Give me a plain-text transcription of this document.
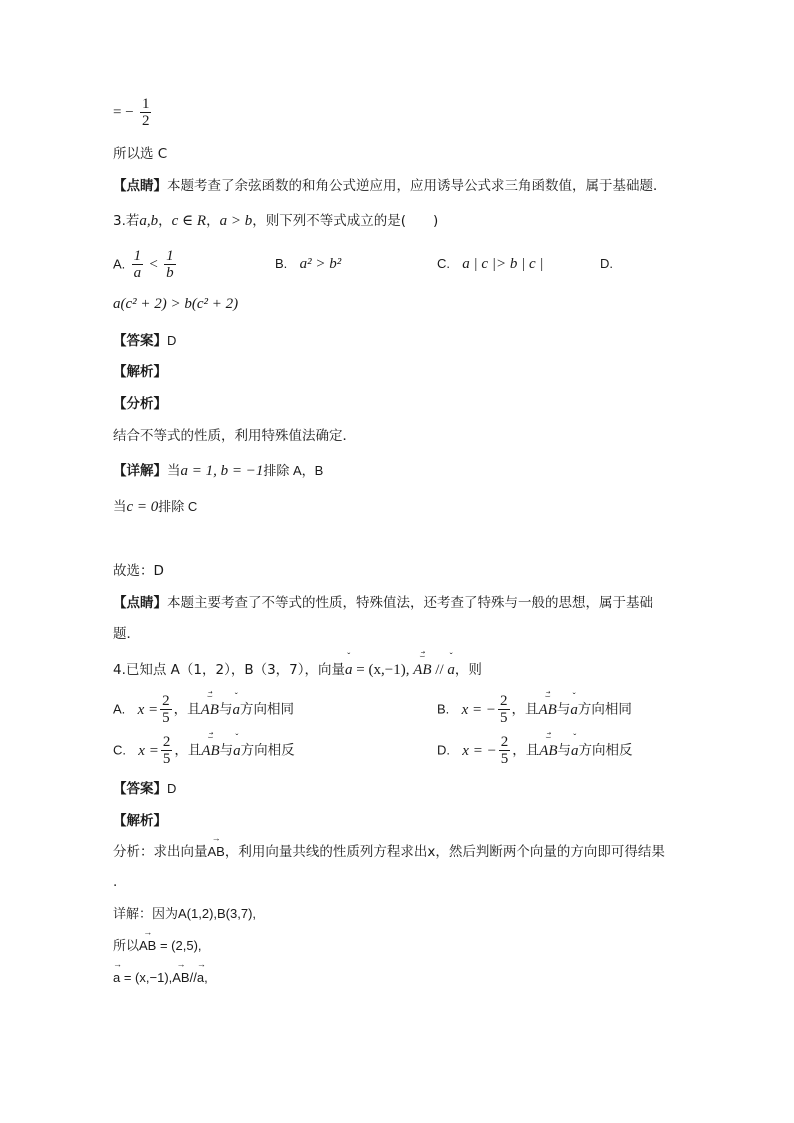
= − $\frac{1}{2}$
所以选 C
【点睛】本题考查了余弦函数的和角公式逆应用，应用诱导公式求三角函数值，属于基础题．
3.若a,b，c ∈ R，a > b，则下列不等式成立的是(　　)
A. $\frac{1}{a} < \frac{1}{b}$	B. a² > b²	C. a | c |> b | c |	D.
a(c² + 2) > b(c² + 2)
【答案】D
【解析】
【分析】
结合不等式的性质，利用特殊值法确定．
【详解】当a = 1, b = −1排除 A，B
当c = 0排除 C
故选：D
【点睛】本题主要考查了不等式的性质，特殊值法，还考查了特殊与一般的思想，属于基础
题．
4.已知点 A（1，2），B（3，7），向量
ˇ
a = (x,−1),
⌣⃗
AB //
ˇ
a，则
A. $x = \frac{2}{5}$ ，且
⌣⃗
AB与
ˇ
a方向相同	B. x = − $\frac{2}{5}$ ，且
⌣⃗
AB与
ˇ
a方向相同
C. $x = \frac{2}{5}$ ，且
⌣⃗
AB与
ˇ
a方向相反	D. x = − $\frac{2}{5}$ ，且
⌣⃗
AB与
ˇ
a方向相反
【答案】D
【解析】
分析：求出向量
→
AB，利用向量共线的性质列方程求出x，然后判断两个向量的方向即可得结果
.
详解：因为A(1,2),B(3,7),
所以
→
AB = (2,5),
→
a = (x,−1),
→
AB//
→
a,
